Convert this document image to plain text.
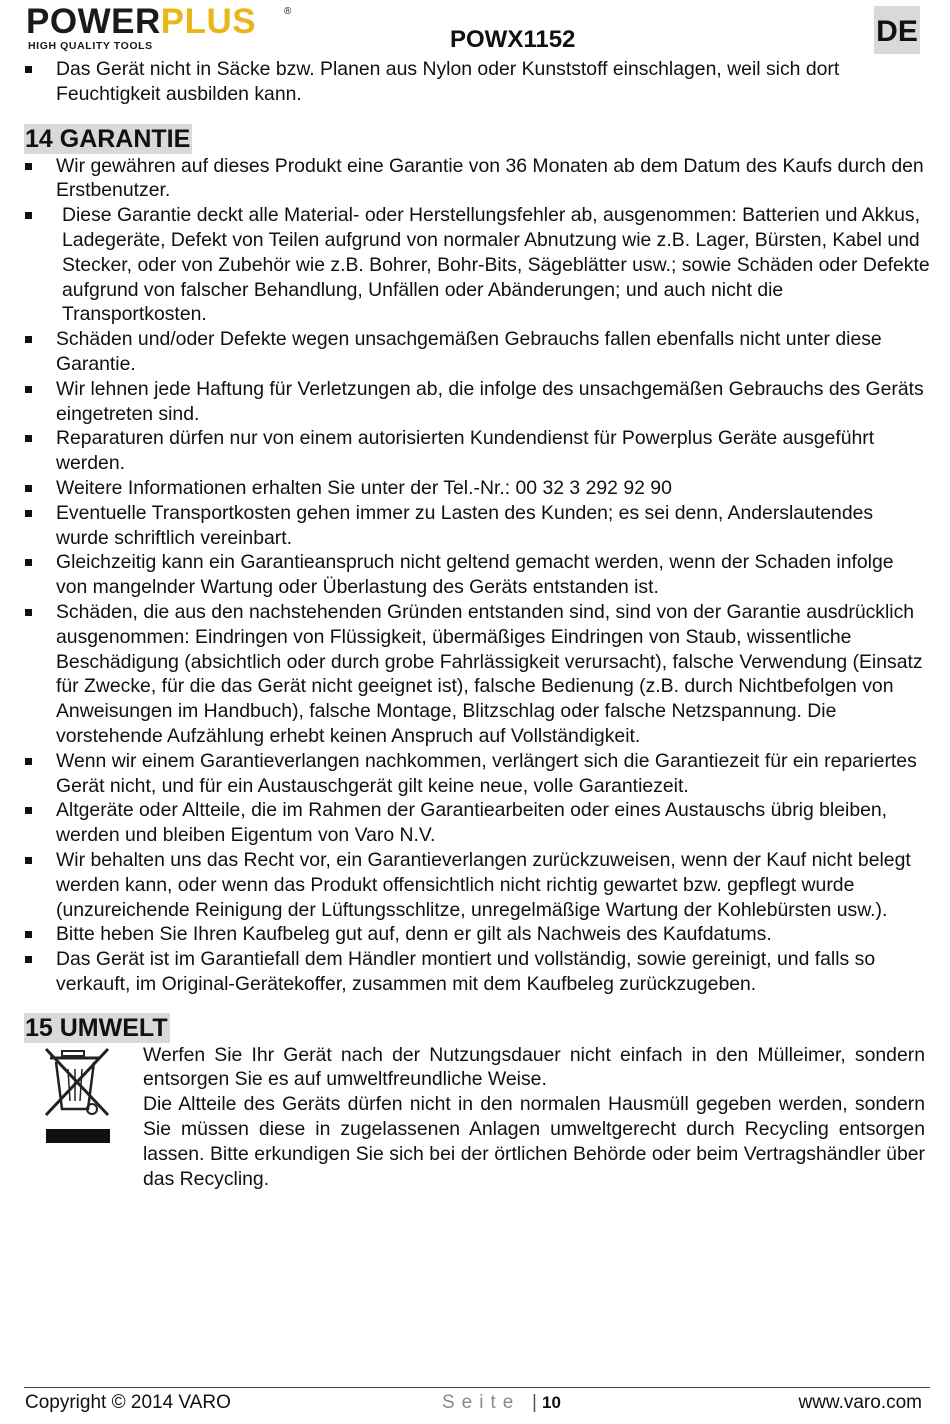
POWERPLUS	®
HIGH QUALITY TOOLS	POWX1152	DE
Das Gerät nicht in Säcke bzw. Planen aus Nylon oder Kunststoff einschlagen, weil sich dort Feuchtigkeit ausbilden kann.
14 GARANTIE
Wir gewähren auf dieses Produkt eine Garantie von 36 Monaten ab dem Datum des Kaufs durch den Erstbenutzer.
Diese Garantie deckt alle Material- oder Herstellungsfehler ab, ausgenommen: Batterien und Akkus, Ladegeräte, Defekt von Teilen aufgrund von normaler Abnutzung wie z.B. Lager, Bürsten, Kabel und Stecker, oder von Zubehör wie z.B. Bohrer, Bohr-Bits, Sägeblätter usw.; sowie Schäden oder Defekte aufgrund von falscher Behandlung, Unfällen oder Abänderungen; und auch nicht die Transportkosten.
Schäden und/oder Defekte wegen unsachgemäßen Gebrauchs fallen ebenfalls nicht unter diese Garantie.
Wir lehnen jede Haftung für Verletzungen ab, die infolge des unsachgemäßen Gebrauchs des Geräts eingetreten sind.
Reparaturen dürfen nur von einem autorisierten Kundendienst für Powerplus Geräte ausgeführt werden.
Weitere Informationen erhalten Sie unter der Tel.-Nr.: 00 32 3 292 92 90
Eventuelle Transportkosten gehen immer zu Lasten des Kunden; es sei denn, Anderslautendes wurde schriftlich vereinbart.
Gleichzeitig kann ein Garantieanspruch nicht geltend gemacht werden, wenn der Schaden infolge von mangelnder Wartung oder Überlastung des Geräts entstanden ist.
Schäden, die aus den nachstehenden Gründen entstanden sind, sind von der Garantie ausdrücklich ausgenommen: Eindringen von Flüssigkeit, übermäßiges Eindringen von Staub, wissentliche Beschädigung (absichtlich oder durch grobe Fahrlässigkeit verursacht), falsche Verwendung (Einsatz für Zwecke, für die das Gerät nicht geeignet ist), falsche Bedienung (z.B. durch Nichtbefolgen von Anweisungen im Handbuch), falsche Montage, Blitzschlag oder falsche Netzspannung. Die vorstehende Aufzählung erhebt keinen Anspruch auf Vollständigkeit.
Wenn wir einem Garantieverlangen nachkommen, verlängert sich die Garantiezeit für ein repariertes Gerät nicht, und für ein Austauschgerät gilt keine neue, volle Garantiezeit.
Altgeräte oder Altteile, die im Rahmen der Garantiearbeiten oder eines Austauschs übrig bleiben, werden und bleiben Eigentum von Varo N.V.
Wir behalten uns das Recht vor, ein Garantieverlangen zurückzuweisen, wenn der Kauf nicht belegt werden kann, oder wenn das Produkt offensichtlich nicht richtig gewartet bzw. gepflegt wurde (unzureichende Reinigung der Lüftungsschlitze, unregelmäßige Wartung der Kohlebürsten usw.).
Bitte heben Sie Ihren Kaufbeleg gut auf, denn er gilt als Nachweis des Kaufdatums.
Das Gerät ist im Garantiefall dem Händler montiert und vollständig, sowie gereinigt, und falls so verkauft, im Original-Gerätekoffer, zusammen mit dem Kaufbeleg zurückzugeben.
15 UMWELT

Werfen Sie Ihr Gerät nach der Nutzungsdauer nicht einfach in den Mülleimer, sondern entsorgen Sie es auf umweltfreundliche Weise.

Die Altteile des Geräts dürfen nicht in den normalen Hausmüll gegeben werden, sondern Sie müssen diese in zugelassenen Anlagen umweltgerecht durch Recycling entsorgen lassen. Bitte erkundigen Sie sich bei der örtlichen Behörde oder beim Vertragshändler über das Recycling.

Copyright © 2014 VARO	Seite | 10	www.varo.com
